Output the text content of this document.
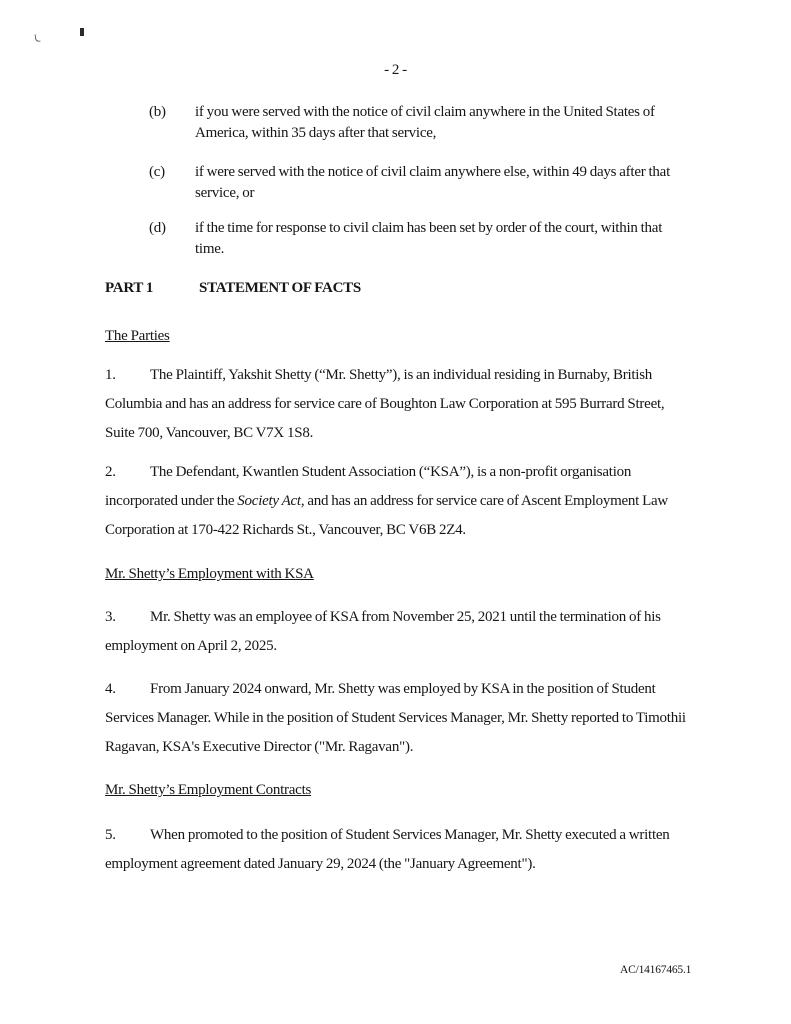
- 2 -
(b) if you were served with the notice of civil claim anywhere in the United States of America, within 35 days after that service,
(c) if were served with the notice of civil claim anywhere else, within 49 days after that service, or
(d) if the time for response to civil claim has been set by order of the court, within that time.
PART 1	STATEMENT OF FACTS
The Parties
1. The Plaintiff, Yakshit Shetty (“Mr. Shetty”), is an individual residing in Burnaby, British Columbia and has an address for service care of Boughton Law Corporation at 595 Burrard Street, Suite 700, Vancouver, BC V7X 1S8.
2. The Defendant, Kwantlen Student Association (“KSA”), is a non-profit organisation incorporated under the Society Act, and has an address for service care of Ascent Employment Law Corporation at 170-422 Richards St., Vancouver, BC V6B 2Z4.
Mr. Shetty’s Employment with KSA
3. Mr. Shetty was an employee of KSA from November 25, 2021 until the termination of his employment on April 2, 2025.
4. From January 2024 onward, Mr. Shetty was employed by KSA in the position of Student Services Manager. While in the position of Student Services Manager, Mr. Shetty reported to Timothii Ragavan, KSA's Executive Director ("Mr. Ragavan").
Mr. Shetty’s Employment Contracts
5. When promoted to the position of Student Services Manager, Mr. Shetty executed a written employment agreement dated January 29, 2024 (the "January Agreement").
AC/14167465.1
